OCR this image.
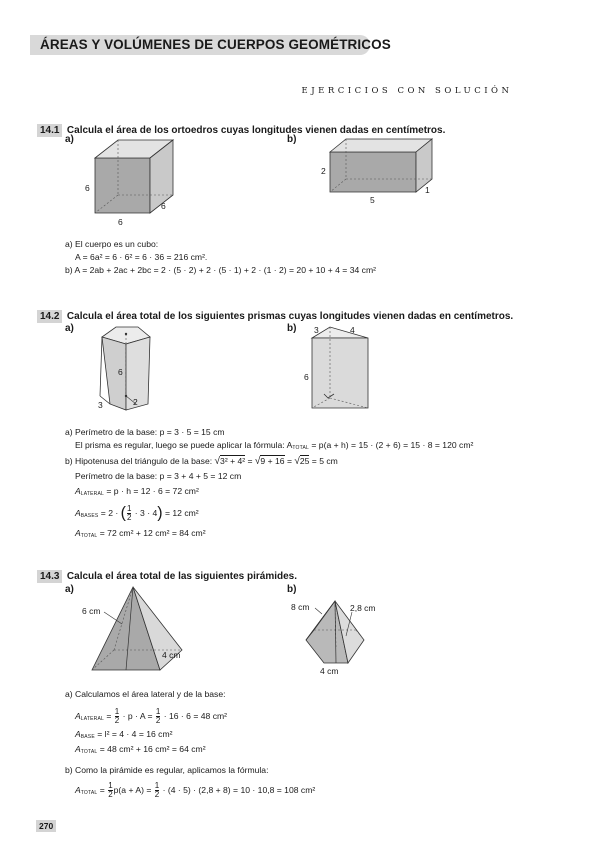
ÁREAS Y VOLÚMENES DE CUERPOS GEOMÉTRICOS
EJERCICIOS CON SOLUCIÓN
14.1 Calcula el área de los ortoedros cuyas longitudes vienen dadas en centímetros.
a)	b)
6
6
6
2
5
1
a) El cuerpo es un cubo:
A = 6a² = 6 · 6² = 6 · 36 = 216 cm².
b) A = 2ab + 2ac + 2bc = 2 · (5 · 2) + 2 · (5 · 1) + 2 · (1 · 2) = 20 + 10 + 4 = 34 cm²
14.2 Calcula el área total de los siguientes prismas cuyas longitudes vienen dadas en centímetros.
a)	b)
6
3	2
3	4
6
a) Perímetro de la base: p = 3 · 5 = 15 cm
El prisma es regular, luego se puede aplicar la fórmula: $A_{TOTAL} = p(a + h) = 15 \cdot (2 + 6) = 15 \cdot 8 = 120$ cm²
b) Hipotenusa del triángulo de la base: √3² + 4² = √9 + 16 = √25 = 5 cm
Perímetro de la base: p = 3 + 4 + 5 = 12 cm
$A_{LATERAL} = p \cdot h = 12 \cdot 6 = 72$ cm²
$A_{BASES} = 2$ · ( $\frac{1}{2} \cdot 3 \cdot 4) = 12$ cm²
$A_{TOTAL} = 72$ cm² + 12 cm² = 84 cm²
14.3 Calcula el área total de las siguientes pirámides.
a)	b)
6 cm
4 cm
8 cm	2,8 cm
4 cm
a) Calculamos el área lateral y de la base:
$A_{LATERAL} = \frac{1}{2} \cdot p \cdot A = \frac{1}{2} \cdot 16 \cdot 6 = 48$ cm²
$A_{BASE} = l^2 = 4 \cdot 4 = 16$ cm²
$A_{TOTAL} = 48$ cm² + 16 cm² = 64 cm²
b) Como la pirámide es regular, aplicamos la fórmula:
$A_{TOTAL} = \frac{1}{2} p(a + A) = \frac{1}{2} \cdot (4 \cdot 5) \cdot (2,8 + 8) = 10 \cdot 10,8 = 108$ cm²
270
